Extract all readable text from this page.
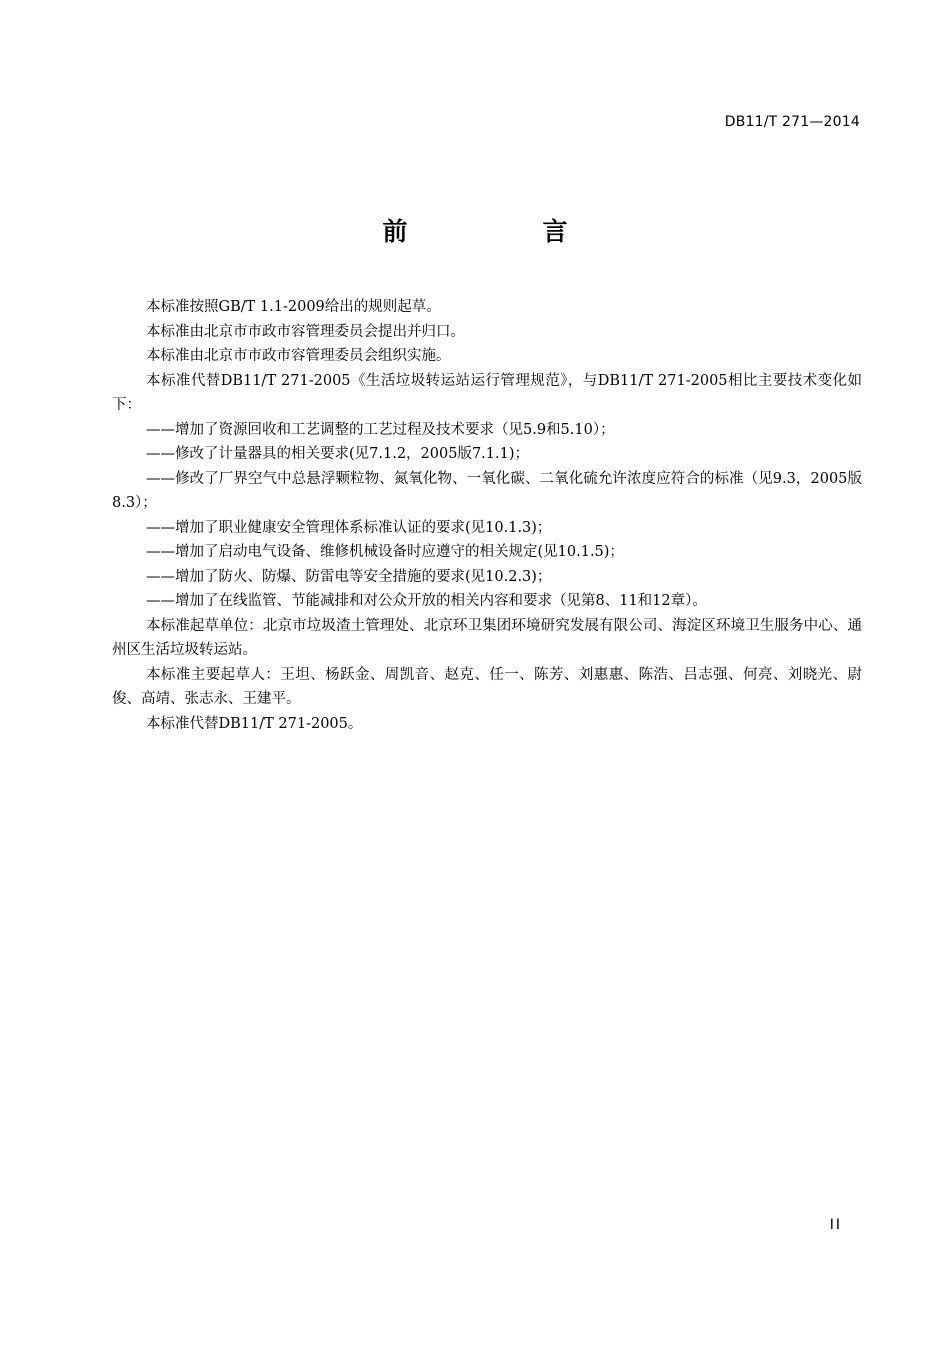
DB11/T 271—2014
前　言

本标准按照GB/T 1.1-2009给出的规则起草。

本标准由北京市市政市容管理委员会提出并归口。

本标准由北京市市政市容管理委员会组织实施。

本标准代替DB11/T 271-2005《生活垃圾转运站运行管理规范》，与DB11/T 271-2005相比主要技术变化如下：

——增加了资源回收和工艺调整的工艺过程及技术要求（见5.9和5.10）；

——修改了计量器具的相关要求(见7.1.2，2005版7.1.1)；

——修改了厂界空气中总悬浮颗粒物、氮氧化物、一氧化碳、二氧化硫允许浓度应符合的标准（见9.3，2005版8.3）；

——增加了职业健康安全管理体系标准认证的要求(见10.1.3)；

——增加了启动电气设备、维修机械设备时应遵守的相关规定(见10.1.5)；

——增加了防火、防爆、防雷电等安全措施的要求(见10.2.3)；

——增加了在线监管、节能减排和对公众开放的相关内容和要求（见第8、11和12章）。

本标准起草单位：北京市垃圾渣土管理处、北京环卫集团环境研究发展有限公司、海淀区环境卫生服务中心、通州区生活垃圾转运站。

本标准主要起草人：王坦、杨跃金、周凯音、赵克、任一、陈芳、刘惠惠、陈浩、吕志强、何亮、刘晓光、尉俊、高靖、张志永、王建平。

本标准代替DB11/T 271-2005。

II
